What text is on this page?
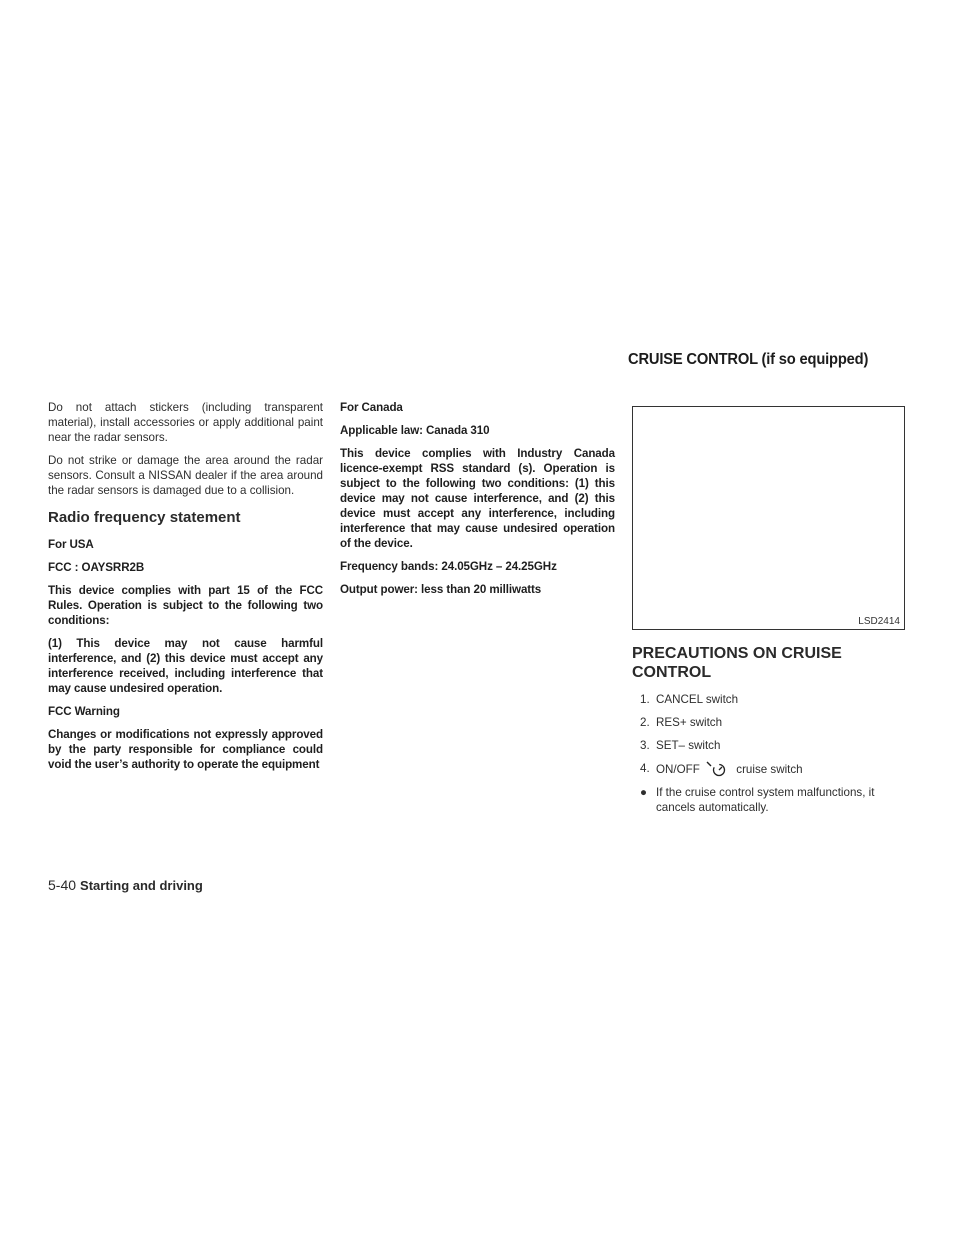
CRUISE CONTROL (if so equipped)

Do not attach stickers (including transparent material), install accessories or apply additional paint near the radar sensors.

Do not strike or damage the area around the radar sensors. Consult a NISSAN dealer if the area around the radar sensors is damaged due to a collision.

Radio frequency statement

For USA

FCC : OAYSRR2B

This device complies with part 15 of the FCC Rules. Operation is subject to the following two conditions:

(1) This device may not cause harmful interference, and (2) this device must accept any interference received, including interference that may cause undesired operation.

FCC Warning

Changes or modifications not expressly approved by the party responsible for compliance could void the user’s authority to operate the equipment

For Canada

Applicable law: Canada 310

This device complies with Industry Canada licence-exempt RSS standard (s). Operation is subject to the following two conditions: (1) this device may not cause interference, and (2) this device must accept any interference, including interference that may cause undesired operation of the device.

Frequency bands: 24.05GHz – 24.25GHz

Output power: less than 20 milliwatts

LSD2414
PRECAUTIONS ON CRUISE CONTROL
1. CANCEL switch
2. RES+ switch
3. SET– switch
4. ON/OFF	cruise switch
● If the cruise control system malfunctions, it cancels automatically.
5-40 Starting and driving
